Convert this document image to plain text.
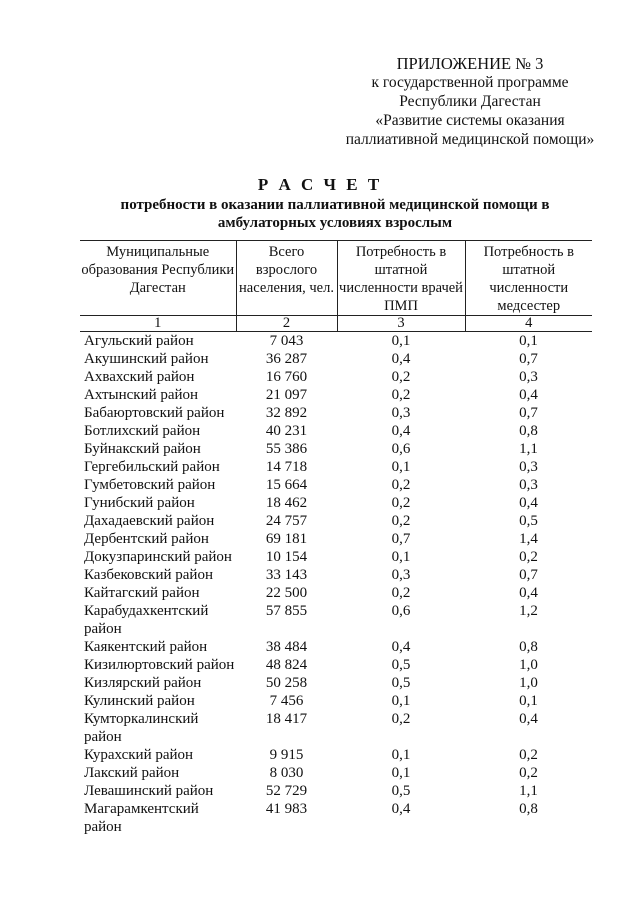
ПРИЛОЖЕНИЕ № 3
к государственной программе
Республики Дагестан
«Развитие системы оказания
паллиативной медицинской помощи»
Р А С Ч Е Т
потребности в оказании паллиативной медицинской помощи в амбулаторных условиях взрослым
Муниципальные образования Республики Дагестан	Всего взрослого населения, чел.	Потребность в штатной численности врачей ПМП	Потребность в штатной численности медсестер
1	2	3	4
Агульский район	7 043	0,1	0,1
Акушинский район	36 287	0,4	0,7
Ахвахский район	16 760	0,2	0,3
Ахтынский район	21 097	0,2	0,4
Бабаюртовский район	32 892	0,3	0,7
Ботлихский район	40 231	0,4	0,8
Буйнакский район	55 386	0,6	1,1
Гергебильский район	14 718	0,1	0,3
Гумбетовский район	15 664	0,2	0,3
Гунибский район	18 462	0,2	0,4
Дахадаевский район	24 757	0,2	0,5
Дербентский район	69 181	0,7	1,4
Докузпаринский район	10 154	0,1	0,2
Казбековский район	33 143	0,3	0,7
Кайтагский район	22 500	0,2	0,4
Карабудахкентский район	57 855	0,6	1,2
Каякентский район	38 484	0,4	0,8
Кизилюртовский район	48 824	0,5	1,0
Кизлярский район	50 258	0,5	1,0
Кулинский район	7 456	0,1	0,1
Кумторкалинский район	18 417	0,2	0,4
Курахский район	9 915	0,1	0,2
Лакский район	8 030	0,1	0,2
Левашинский район	52 729	0,5	1,1
Магарамкентский район	41 983	0,4	0,8
